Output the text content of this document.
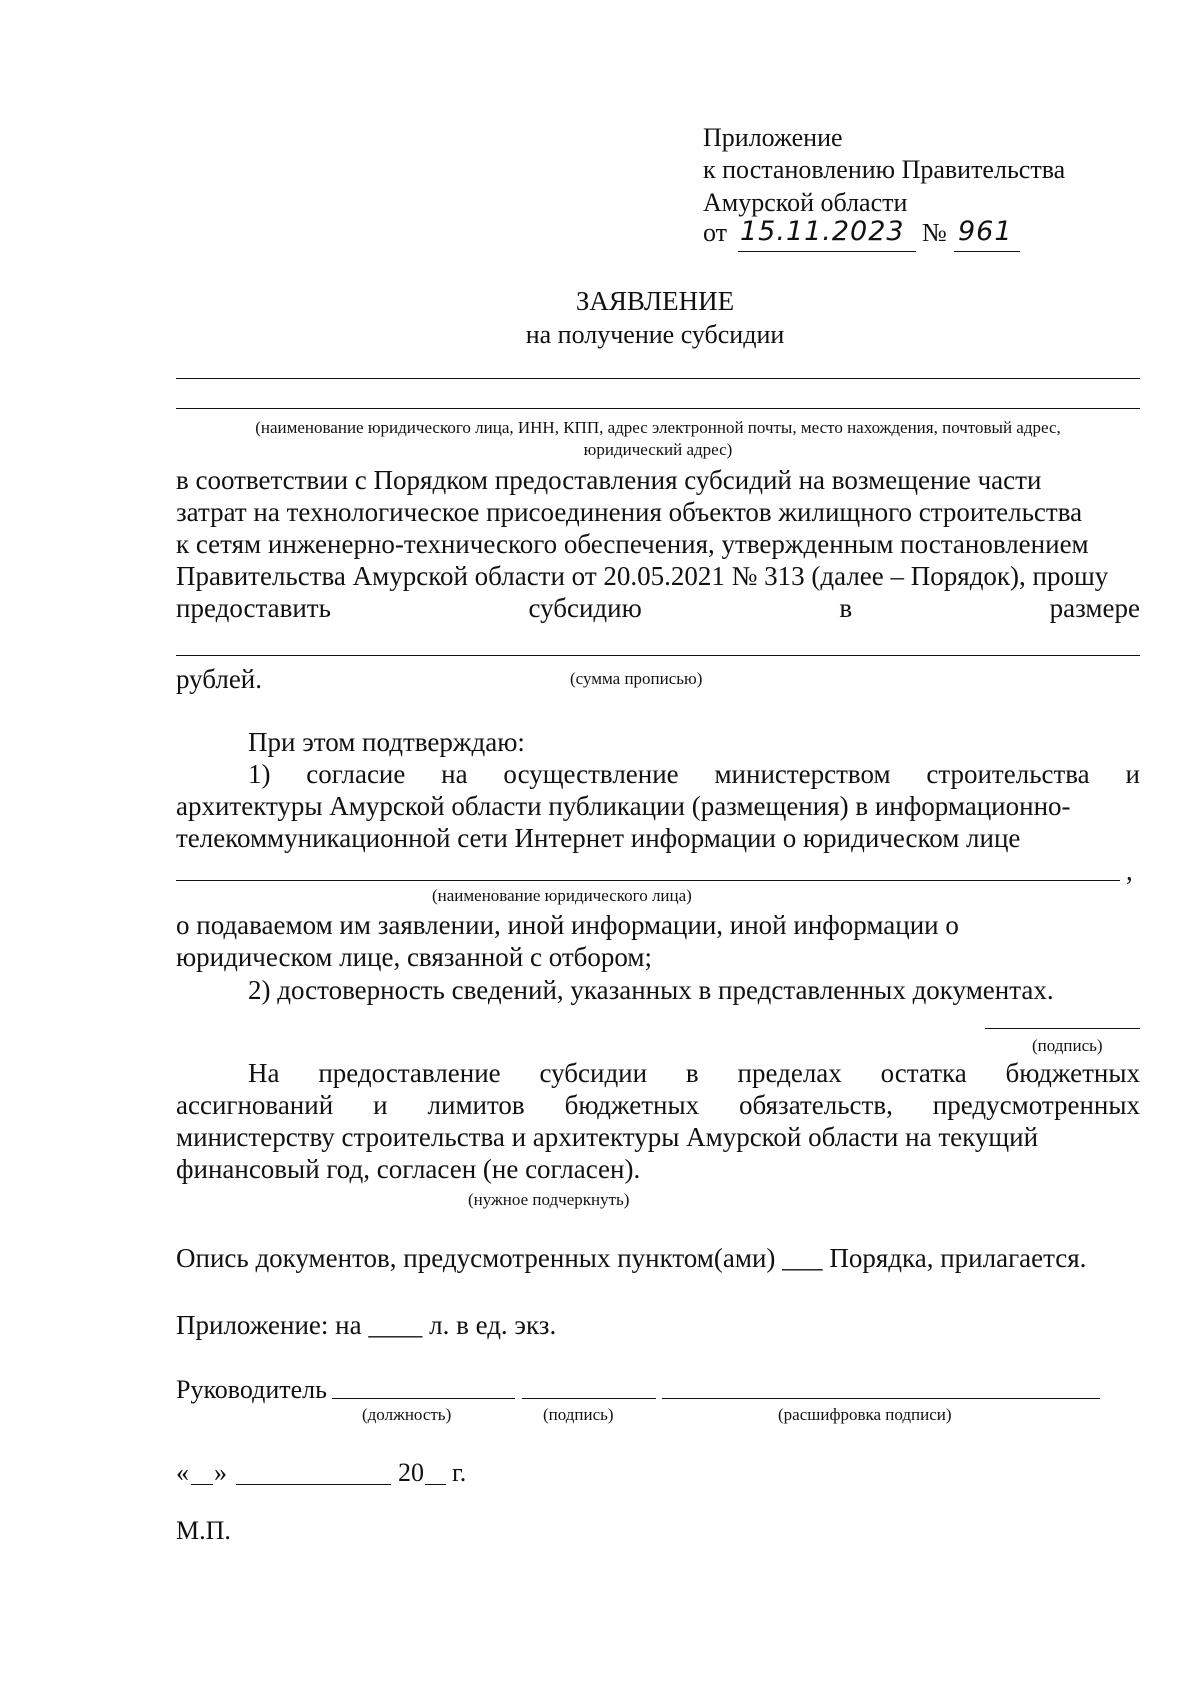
Приложение
к постановлению Правительства
Амурской области
от 15.11.2023 № 961
ЗАЯВЛЕНИЕ
на получение субсидии
(наименование юридического лица, ИНН, КПП, адрес электронной почты, место нахождения, почтовый адрес,
юридический адрес)
в соответствии с Порядком предоставления субсидий на возмещение части
затрат на технологическое присоединения объектов жилищного строительства
к сетям инженерно-технического обеспечения, утвержденным постановлением
Правительства Амурской области от 20.05.2021 № 313 (далее – Порядок), прошу
предоставить	субсидию	в	размере
рублей.	(сумма прописью)
При этом подтверждаю:
1) согласие на осуществление министерством строительства и
архитектуры Амурской области публикации (размещения) в информационно-
телекоммуникационной сети Интернет информации о юридическом лице
,
(наименование юридического лица)
о подаваемом им заявлении, иной информации, иной информации о
юридическом лице, связанной с отбором;
2) достоверность сведений, указанных в представленных документах.
(подпись)
На предоставление субсидии в пределах остатка бюджетных
ассигнований и лимитов бюджетных обязательств, предусмотренных
министерству строительства и архитектуры Амурской области на текущий
финансовый год, согласен (не согласен).
(нужное подчеркнуть)
Опись документов, предусмотренных пунктом(ами) ___ Порядка, прилагается.
Приложение: на ____ л. в ед. экз.
Руководитель
(должность)	(подпись)	(расшифровка подписи)
« »	20 г.
М.П.
